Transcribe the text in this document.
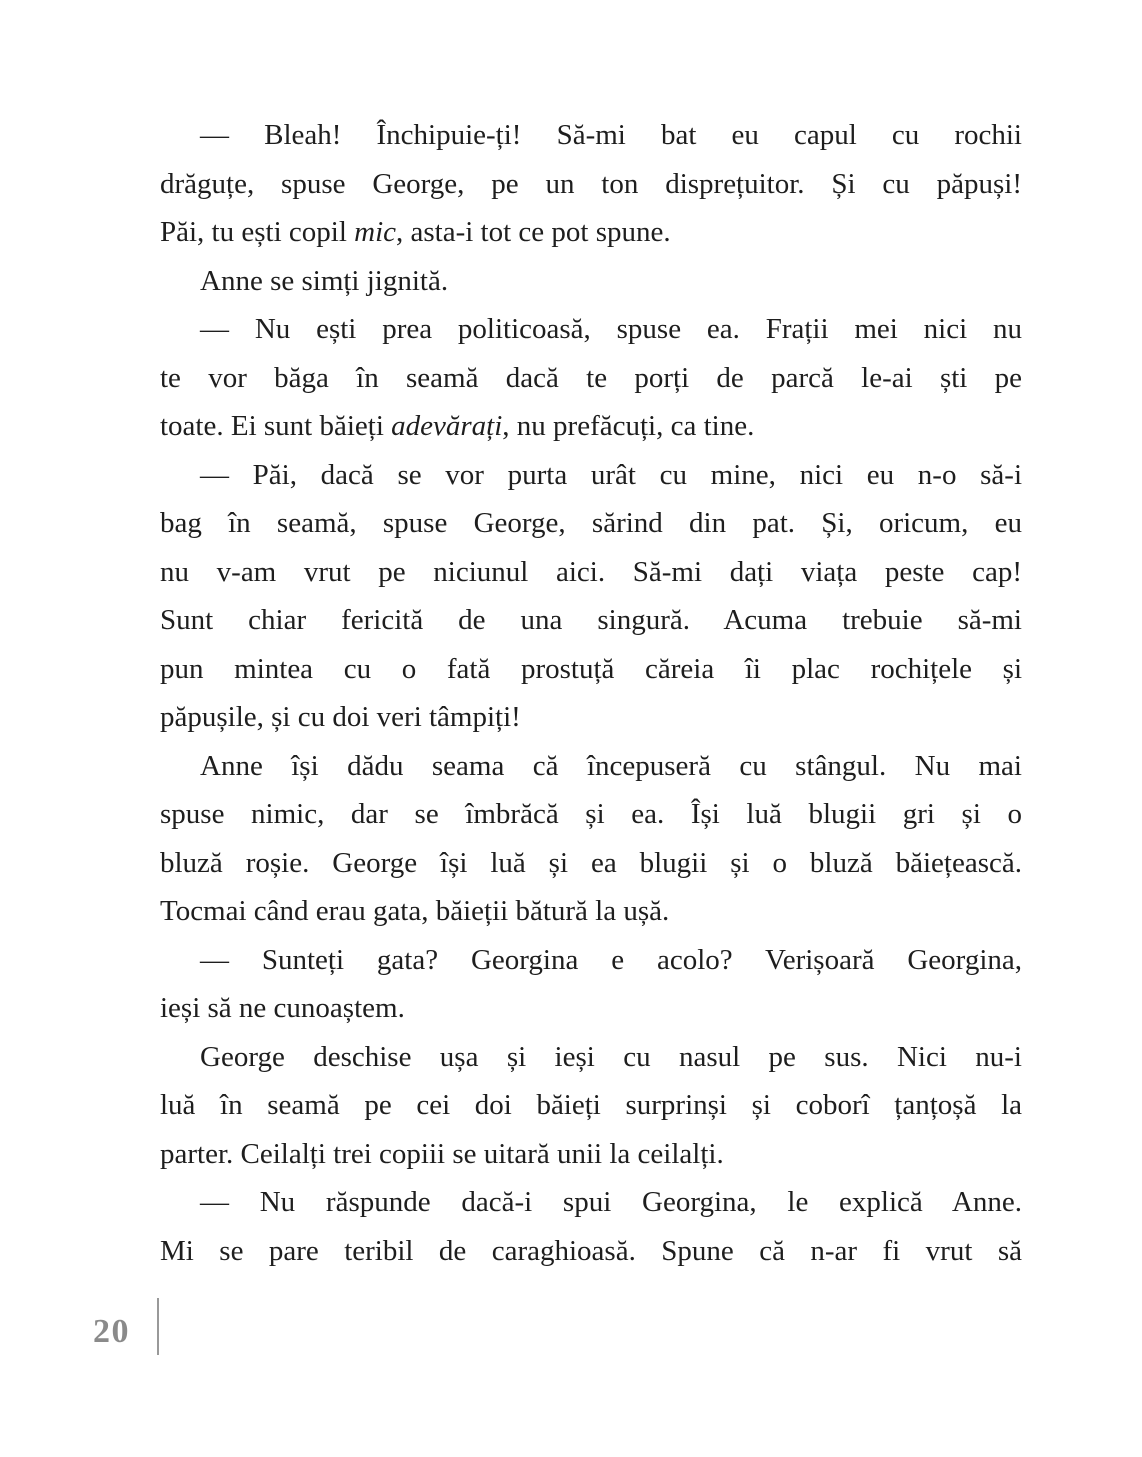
— Bleah! Închipuie-ți! Să-mi bat eu capul cu rochii
drăguțe, spuse George, pe un ton disprețuitor. Și cu păpuși!
Păi, tu ești copil mic, asta-i tot ce pot spune.

Anne se simți jignită.

— Nu ești prea politicoasă, spuse ea. Frații mei nici nu
te vor băga în seamă dacă te porți de parcă le-ai ști pe
toate. Ei sunt băieți adevărați, nu prefăcuți, ca tine.

— Păi, dacă se vor purta urât cu mine, nici eu n-o să-i
bag în seamă, spuse George, sărind din pat. Și, oricum, eu
nu v-am vrut pe niciunul aici. Să-mi dați viața peste cap!
Sunt chiar fericită de una singură. Acuma trebuie să-mi
pun mintea cu o fată prostuță căreia îi plac rochițele și
păpușile, și cu doi veri tâmpiți!

Anne își dădu seama că începuseră cu stângul. Nu mai
spuse nimic, dar se îmbrăcă și ea. Își luă blugii gri și o
bluză roșie. George își luă și ea blugii și o bluză băiețească.
Tocmai când erau gata, băieții bătură la ușă.

— Sunteți gata? Georgina e acolo? Verișoară Georgina,
ieși să ne cunoaștem.

George deschise ușa și ieși cu nasul pe sus. Nici nu-i
luă în seamă pe cei doi băieți surprinși și coborî țanțoșă la
parter. Ceilalți trei copiii se uitară unii la ceilalți.

— Nu răspunde dacă-i spui Georgina, le explică Anne.
Mi se pare teribil de caraghioasă. Spune că n-ar fi vrut să

20
